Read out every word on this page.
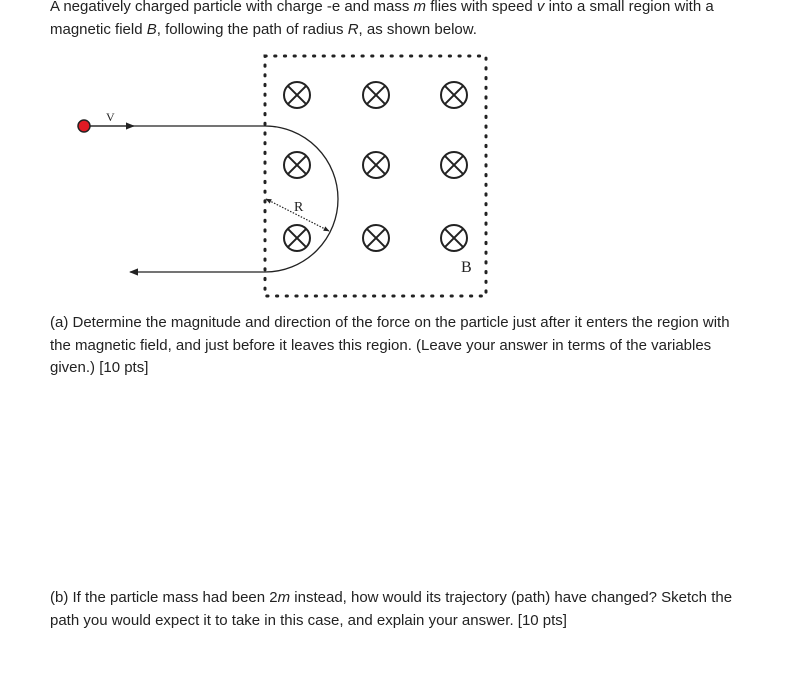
A negatively charged particle with charge -e and mass m flies with speed v into a small region with a magnetic field B, following the path of radius R, as shown below.

V
R
B

(a) Determine the magnitude and direction of the force on the particle just after it enters the region with the magnetic field, and just before it leaves this region. (Leave your answer in terms of the variables given.) [10 pts]

(b) If the particle mass had been 2m instead, how would its trajectory (path) have changed? Sketch the path you would expect it to take in this case, and explain your answer. [10 pts]
